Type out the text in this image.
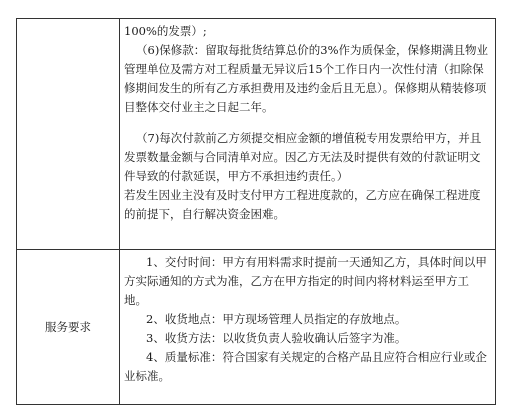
	100%的发票）;

（6)保修款：留取每批货结算总价的3%作为质保金，保修期满且物业管理单位及需方对工程质量无异议后15个工作日内一次性付清（扣除保修期间发生的所有乙方承担费用及违约金后且无息）。保修期从精装修项目整体交付业主之日起二年。

（7)每次付款前乙方须提交相应金额的增值税专用发票给甲方，并且发票数量金额与合同清单对应。因乙方无法及时提供有效的付款证明文件导致的付款延误，甲方不承担违约责任。）

若发生因业主没有及时支付甲方工程进度款的，乙方应在确保工程进度的前提下，自行解决资金困难。

服务要求	1、交付时间：甲方有用料需求时提前一天通知乙方，具体时间以甲方实际通知的方式为准，乙方在甲方指定的时间内将材料运至甲方工地。

2、收货地点：甲方现场管理人员指定的存放地点。

3、收货方法：以收货负责人验收确认后签字为准。

4、质量标准：符合国家有关规定的合格产品且应符合相应行业或企业标准。
